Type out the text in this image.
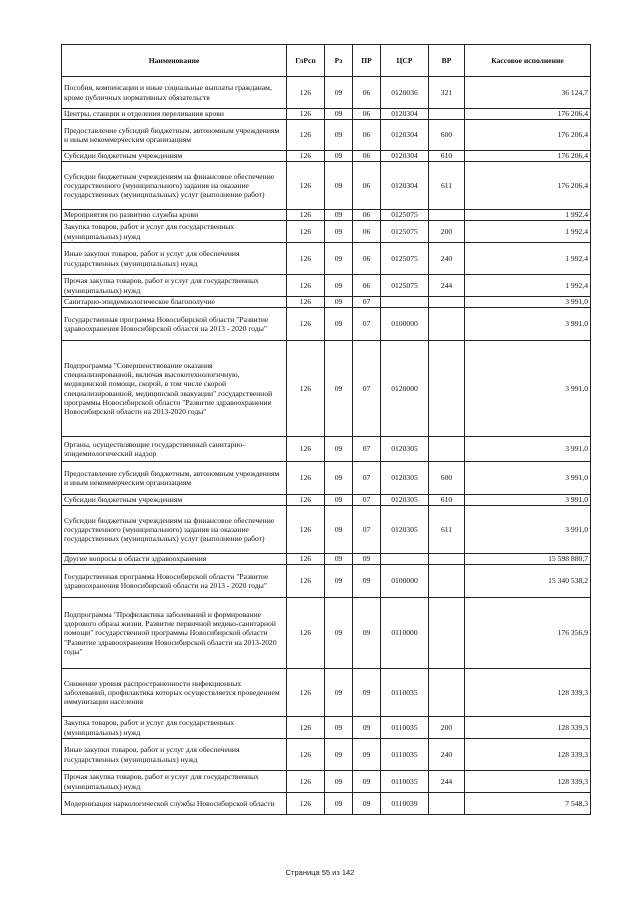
Наименование	ГлРсп	Рз	ПР	ЦСР	ВР	Кассовое исполнение
Пособия, компенсации и иные социальные выплаты гражданам, кроме публичных нормативных обязательств	126	09	06	0120036	321	36 124,7
Центры, станции и отделения переливания крови	126	09	06	0120304		176 206,4
Предоставление субсидий бюджетным, автономным учреждениям и иным некоммерческим организациям	126	09	06	0120304	600	176 206,4
Субсидии бюджетным учреждениям	126	09	06	0120304	610	176 206,4
Субсидии бюджетным учреждениям на финансовое обеспечение государственного (муниципального) задания на оказание государственных (муниципальных) услуг (выполнение работ)	126	09	06	0120304	611	176 206,4
Мероприятия по развитию службы крови	126	09	06	0125075		1 992,4
Закупка товаров, работ и услуг для государственных (муниципальных) нужд	126	09	06	0125075	200	1 992,4
Иные закупки товаров, работ и услуг для обеспечения государственных (муниципальных) нужд	126	09	06	0125075	240	1 992,4
Прочая закупка товаров, работ и услуг для государственных (муниципальных) нужд	126	09	06	0125075	244	1 992,4
Санитарно-эпидемиологическое благополучие	126	09	07			3 991,0
Государственная программа Новосибирской области "Развитие здравоохранения Новосибирской области на 2013 - 2020 годы"	126	09	07	0100000		3 991,0
Подпрограмма "Совершенствование оказания специализированной, включая высокотехнологичную, медицинской помощи, скорой, в том числе скорой специализированной, медицинской эвакуации" государственной программы Новосибирской области "Развитие здравоохранения Новосибирской области на 2013-2020 годы"	126	09	07	0120000		3 991,0
Органы, осуществляющие государственный санитарно-эпидемиологический надзор	126	09	07	0120305		3 991,0
Предоставление субсидий бюджетным, автономным учреждениям и иным некоммерческим организациям	126	09	07	0120305	600	3 991,0
Субсидии бюджетным учреждениям	126	09	07	0120305	610	3 991,0
Субсидии бюджетным учреждениям на финансовое обеспечение государственного (муниципального) задания на оказание государственных (муниципальных) услуг (выполнение работ)	126	09	07	0120305	611	3 991,0
Другие вопросы в области здравоохранения	126	09	09			15 598 880,7
Государственная программа Новосибирской области "Развитие здравоохранения Новосибирской области на 2013 - 2020 годы"	126	09	09	0100000		15 340 538,2
Подпрограмма "Профилактика заболеваний и формирование здорового образа жизни. Развитие первичной медико-санитарной помощи" государственной программы Новосибирской области "Развитие здравоохранения Новосибирской области на 2013-2020 годы"	126	09	09	0110000		176 356,9
Снижение уровня распространенности инфекционных заболеваний, профилактика которых осуществляется проведением иммунизации населения	126	09	09	0110035		128 339,3
Закупка товаров, работ и услуг для государственных (муниципальных) нужд	126	09	09	0110035	200	128 339,3
Иные закупки товаров, работ и услуг для обеспечения государственных (муниципальных) нужд	126	09	09	0110035	240	128 339,3
Прочая закупка товаров, работ и услуг для государственных (муниципальных) нужд	126	09	09	0110035	244	128 339,3
Модернизация наркологической службы Новосибирской области	126	09	09	0110039		7 548,3
Страница 55 из 142
